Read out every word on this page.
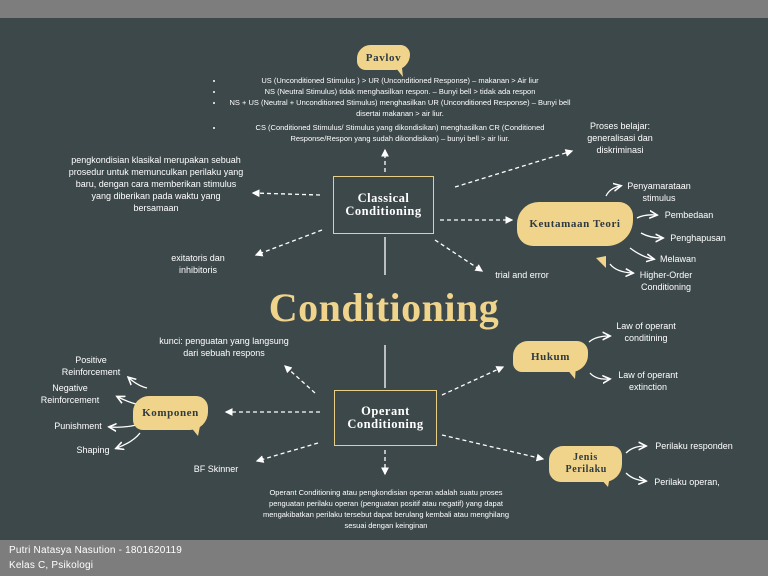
Pavlov
• US (Unconditioned Stimulus ) > UR (Unconditioned Response) – makanan > Air liur
• NS (Neutral Stimulus) tidak menghasilkan respon. – Bunyi bell > tidak ada respon
• NS + US (Neutral + Unconditioned Stimulus) menghasilkan UR (Unconditioned Response) – Bunyi bell disertai makanan > air liur.
• CS (Conditioned Stimulus/ Stimulus yang dikondisikan) menghasilkan CR (Conditioned Response/Respon yang sudah dikondisikan) – bunyi bell > air liur.
Classical Conditioning
pengkondisian klasikal merupakan sebuah prosedur untuk memunculkan perilaku yang baru, dengan cara memberikan stimulus yang diberikan pada waktu yang bersamaan
Proses belajar: generalisasi dan diskriminasi
exitatoris dan inhibitoris	trial and error
Keutamaan Teori
Penyamarataan stimulus
Pembedaan
Penghapusan
Melawan
Higher-Order Conditioning
Conditioning
Operant Conditioning
kunci: penguatan yang langsung dari sebuah respons
BF Skinner
Operant Conditioning atau pengkondisian operan adalah suatu proses penguatan perilaku operan (penguatan positif atau negatif) yang dapat mengakibatkan perilaku tersebut dapat berulang kembali atau menghilang sesuai dengan keinginan
Komponen
Positive Reinforcement
Negative Reinforcement
Punishment
Shaping
Hukum
Law of operant conditining
Law of operant extinction
Jenis Perilaku
Perilaku responden
Perilaku operan,
Putri Natasya Nasution - 1801620119
Kelas C, Psikologi
